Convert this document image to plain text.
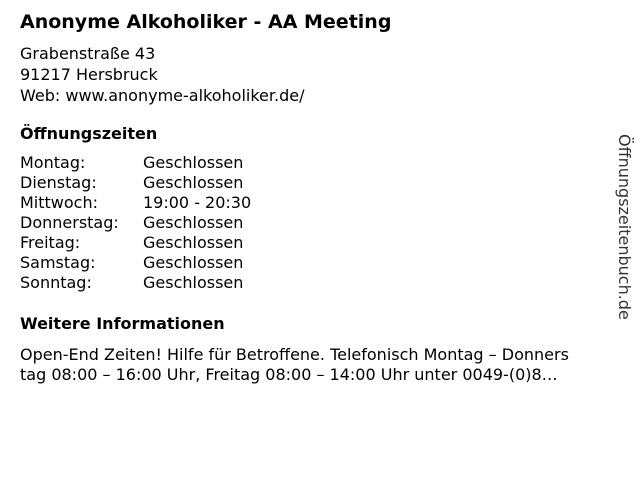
Anonyme Alkoholiker - AA Meeting
Grabenstraße 43
91217 Hersbruck
Web: www.anonyme-alkoholiker.de/
Öffnungszeiten
Montag:	Geschlossen
Dienstag:	Geschlossen
Mittwoch:	19:00 - 20:30
Donnerstag: Geschlossen
Freitag:	Geschlossen
Samstag:	Geschlossen
Sonntag:	Geschlossen
Weitere Informationen
Open-End Zeiten! Hilfe für Betroffene. Telefonisch Montag – Donners
tag 08:00 – 16:00 Uhr, Freitag 08:00 – 14:00 Uhr unter 0049-(0)8…
Öffnungszeitenbuch.de
